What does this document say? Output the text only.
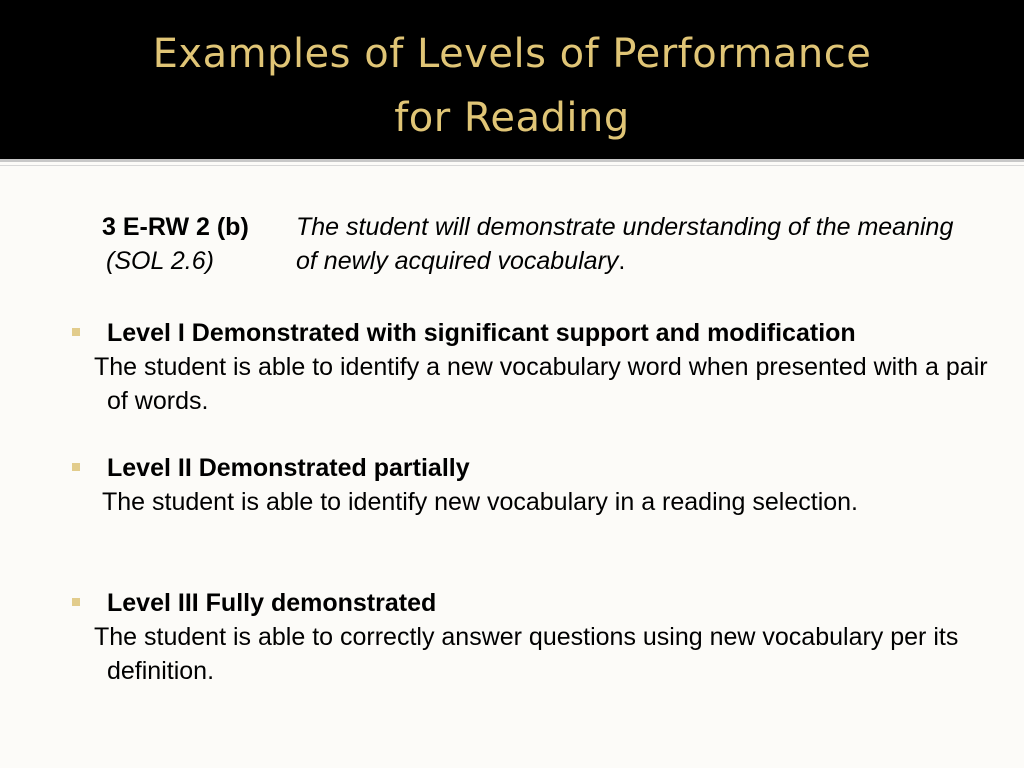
Examples of Levels of Performance
for Reading
3 E-RW 2 (b)
(SOL 2.6)
The student will demonstrate understanding of the meaning of newly acquired vocabulary.
Level I Demonstrated with significant support and modification
The student is able to identify a new vocabulary word when presented with a pair of words.
Level II Demonstrated partially
The student is able to identify new vocabulary in a reading selection.
Level III Fully demonstrated
The student is able to correctly answer questions using new vocabulary per its definition.
